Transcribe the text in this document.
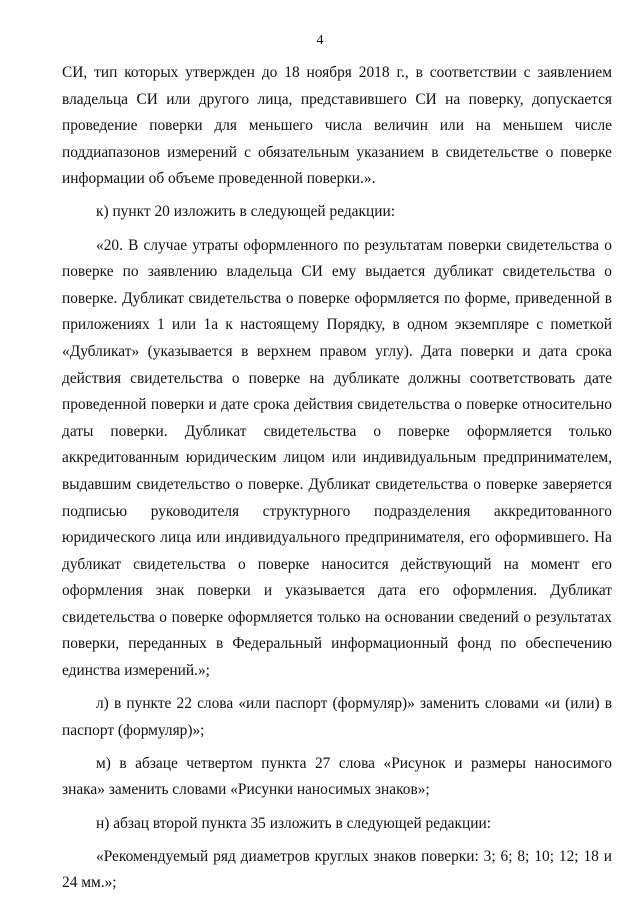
4

СИ, тип которых утвержден до 18 ноября 2018 г., в соответствии с заявлением владельца СИ или другого лица, представившего СИ на поверку, допускается проведение поверки для меньшего числа величин или на меньшем числе поддиапазонов измерений с обязательным указанием в свидетельстве о поверке информации об объеме проведенной поверки.».

к) пункт 20 изложить в следующей редакции:

«20. В случае утраты оформленного по результатам поверки свидетельства о поверке по заявлению владельца СИ ему выдается дубликат свидетельства о поверке. Дубликат свидетельства о поверке оформляется по форме, приведенной в приложениях 1 или 1а к настоящему Порядку, в одном экземпляре с пометкой «Дубликат» (указывается в верхнем правом углу). Дата поверки и дата срока действия свидетельства о поверке на дубликате должны соответствовать дате проведенной поверки и дате срока действия свидетельства о поверке относительно даты поверки. Дубликат свидетельства о поверке оформляется только аккредитованным юридическим лицом или индивидуальным предпринимателем, выдавшим свидетельство о поверке. Дубликат свидетельства о поверке заверяется подписью руководителя структурного подразделения аккредитованного юридического лица или индивидуального предпринимателя, его оформившего. На дубликат свидетельства о поверке наносится действующий на момент его оформления знак поверки и указывается дата его оформления. Дубликат свидетельства о поверке оформляется только на основании сведений о результатах поверки, переданных в Федеральный информационный фонд по обеспечению единства измерений.»;

л) в пункте 22 слова «или паспорт (формуляр)» заменить словами «и (или) в паспорт (формуляр)»;

м) в абзаце четвертом пункта 27 слова «Рисунок и размеры наносимого знака» заменить словами «Рисунки наносимых знаков»;

н) абзац второй пункта 35 изложить в следующей редакции:

«Рекомендуемый ряд диаметров круглых знаков поверки: 3; 6; 8; 10; 12; 18 и 24 мм.»;
